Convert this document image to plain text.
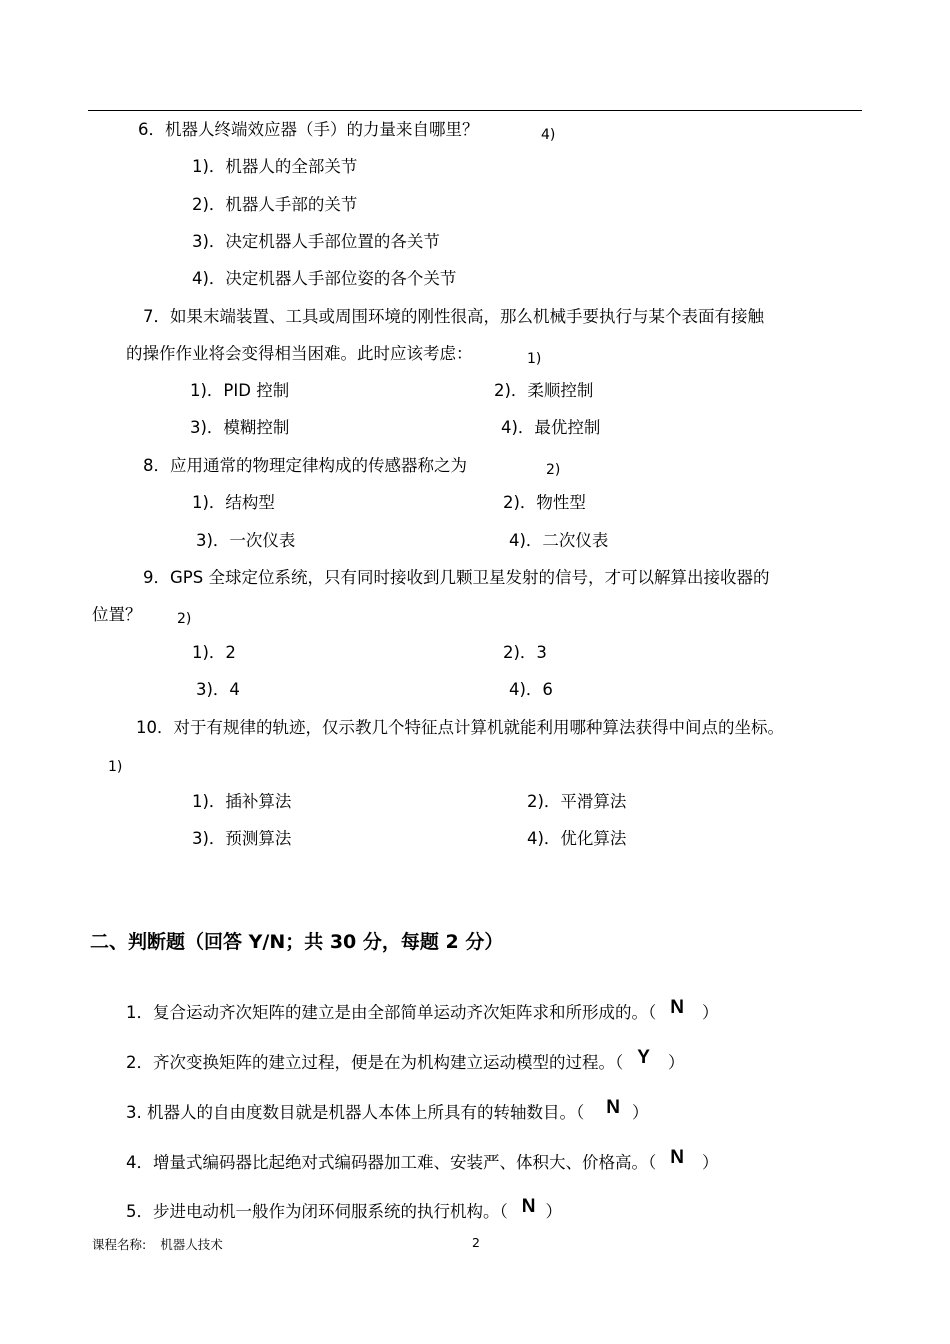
6．机器人终端效应器（手）的力量来自哪里？	4)
1)．机器人的全部关节
2)．机器人手部的关节
3)．决定机器人手部位置的各关节
4)．决定机器人手部位姿的各个关节
7．如果末端装置、工具或周围环境的刚性很高，那么机械手要执行与某个表面有接触
的操作作业将会变得相当困难。此时应该考虑：	1)
1)．PID 控制	2)．柔顺控制
3)．模糊控制	4)．最优控制
8．应用通常的物理定律构成的传感器称之为	2)
1)．结构型	2)．物性型
3)．一次仪表	4)．二次仪表
9．GPS 全球定位系统，只有同时接收到几颗卫星发射的信号，才可以解算出接收器的
位置？	2)
1)．2	2)．3
3)．4	4)．6
10．对于有规律的轨迹，仅示教几个特征点计算机就能利用哪种算法获得中间点的坐标。
1)
1)．插补算法	2)．平滑算法
3)．预测算法	4)．优化算法
二、判断题（回答 Y/N；共 30 分，每题 2 分）
1．复合运动齐次矩阵的建立是由全部简单运动齐次矩阵求和所形成的。（ N ）
2．齐次变换矩阵的建立过程，便是在为机构建立运动模型的过程。（ Y ）
3. 机器人的自由度数目就是机器人本体上所具有的转轴数目。（ N ）
4．增量式编码器比起绝对式编码器加工难、安装严、体积大、价格高。（ N ）
5．步进电动机一般作为闭环伺服系统的执行机构。（ N ）
课程名称: 机器人技术	2
